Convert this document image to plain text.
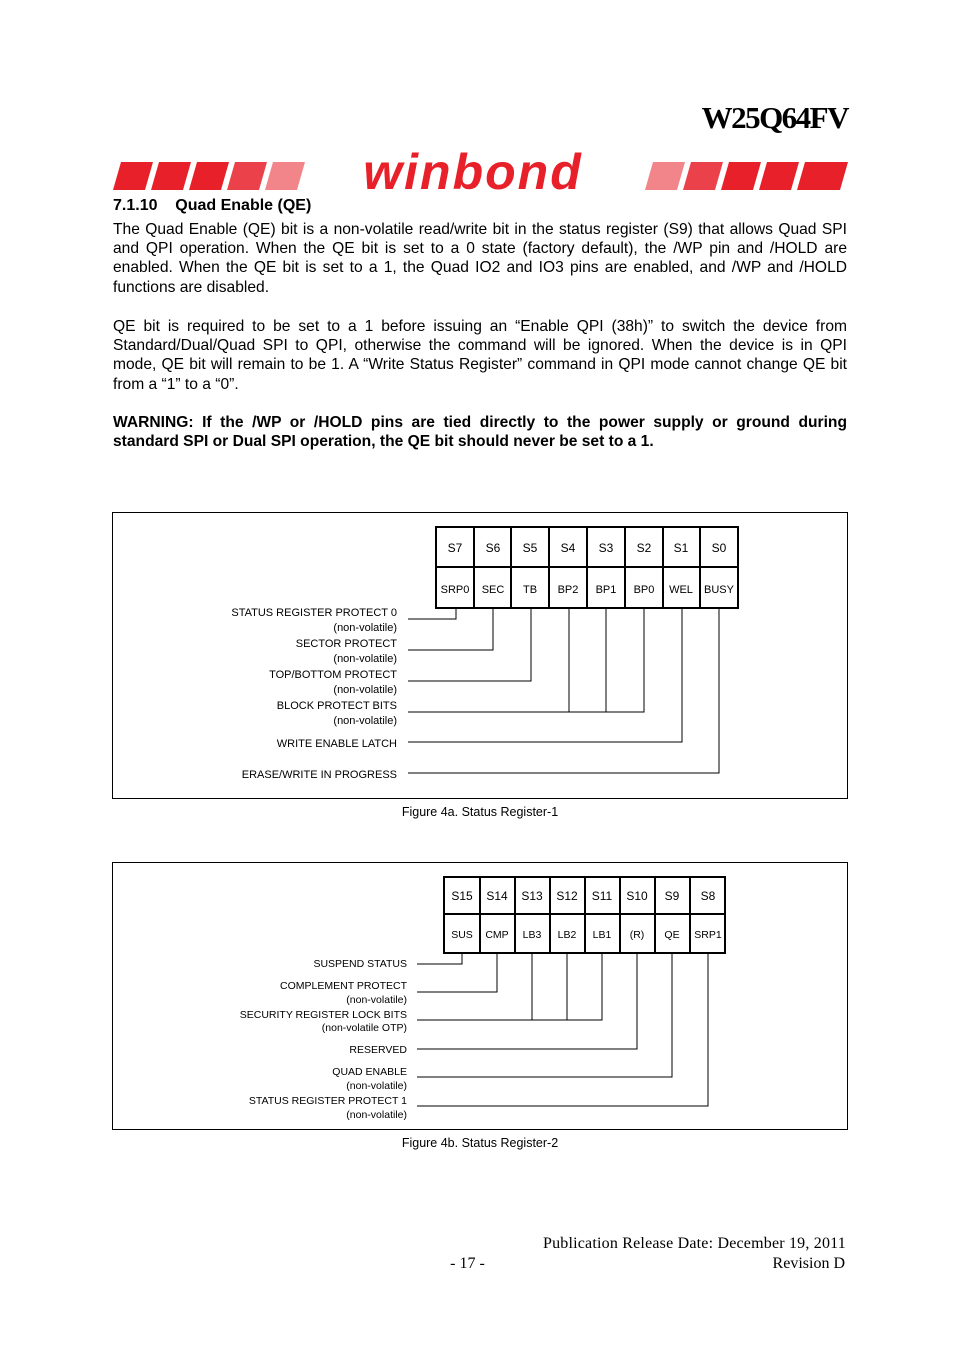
W25Q64FV
winbond
7.1.10    Quad Enable (QE)

The Quad Enable (QE) bit is a non-volatile read/write bit in the status register (S9) that allows Quad SPI and QPI operation. When the QE bit is set to a 0 state (factory default), the /WP pin and /HOLD are enabled. When the QE bit is set to a 1, the Quad IO2 and IO3 pins are enabled, and /WP and /HOLD functions are disabled.

QE bit is required to be set to a 1 before issuing an “Enable QPI (38h)” to switch the device from Standard/Dual/Quad SPI to QPI, otherwise the command will be ignored. When the device is in QPI mode, QE bit will remain to be 1. A “Write Status Register” command in QPI mode cannot change QE bit from a “1” to a “0”.

WARNING: If the /WP or /HOLD pins are tied directly to the power supply or ground during standard SPI or Dual SPI operation, the QE bit should never be set to a 1.

S7 S6 S5 S4 S3 S2 S1 S0
SRP0 SEC TB BP2 BP1 BP0 WEL BUSY
STATUS REGISTER PROTECT 0
(non-volatile)
SECTOR PROTECT
(non-volatile)
TOP/BOTTOM PROTECT
(non-volatile)
BLOCK PROTECT BITS
(non-volatile)
WRITE ENABLE LATCH
ERASE/WRITE IN PROGRESS
Figure 4a. Status Register-1
S15 S14 S13 S12 S11 S10 S9 S8
SUS CMP LB3 LB2 LB1 (R) QE SRP1
SUSPEND STATUS
COMPLEMENT PROTECT
(non-volatile)
SECURITY REGISTER LOCK BITS
(non-volatile OTP)
RESERVED
QUAD ENABLE
(non-volatile)
STATUS REGISTER PROTECT 1
(non-volatile)
Figure 4b. Status Register-2
Publication Release Date: December 19, 2011
- 17 -	Revision D
